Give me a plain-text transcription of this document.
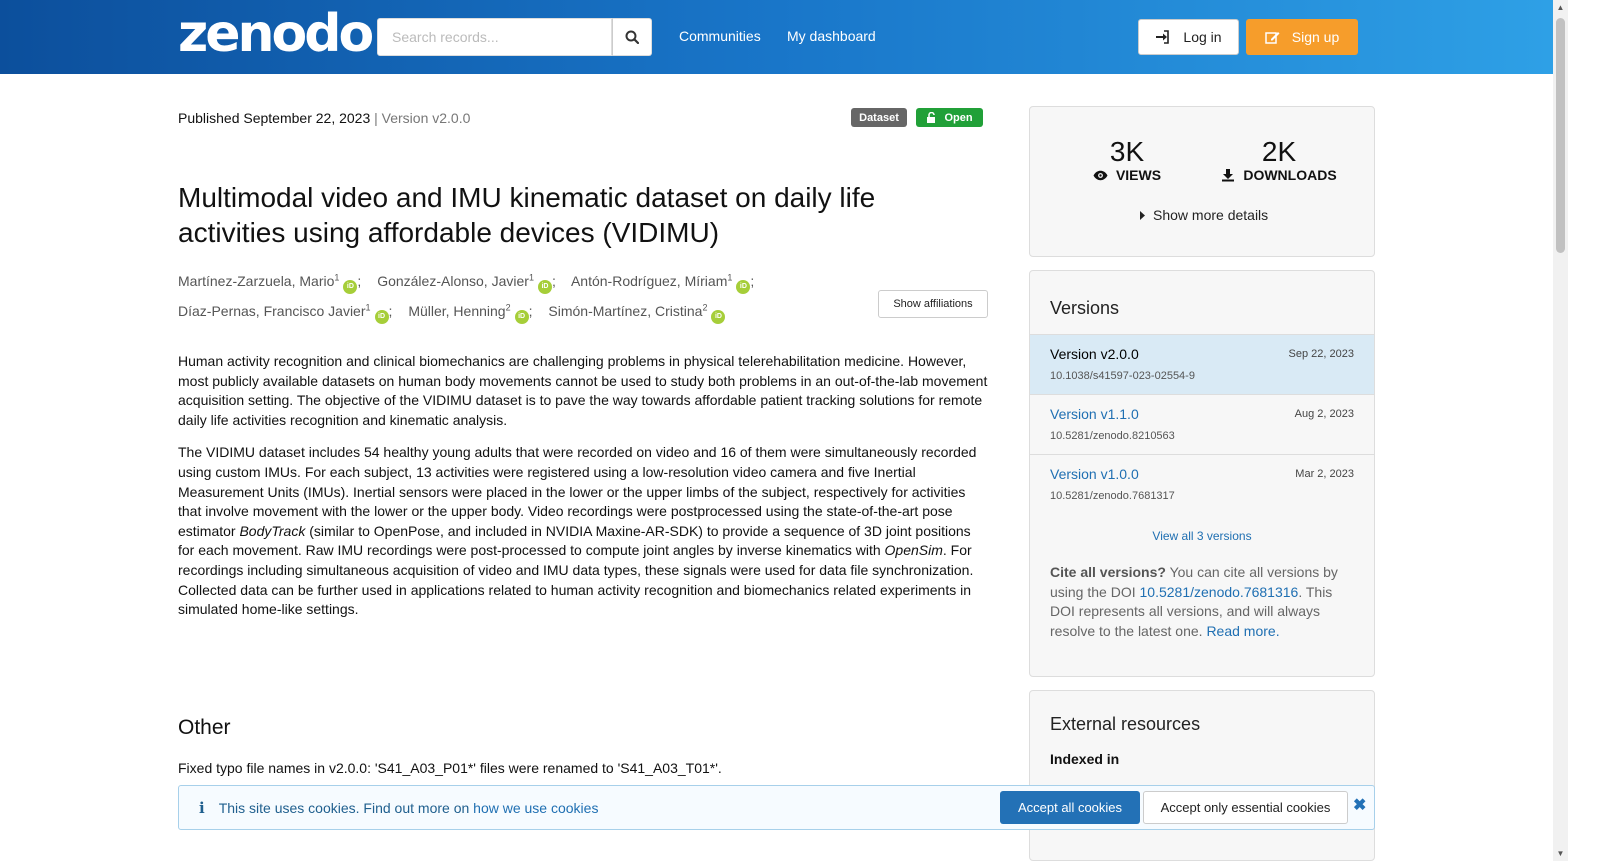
zenodo
Search records...	Communities My dashboard	Log in	Sign up
Published September 22, 2023 | Version v2.0.0	Dataset	Open
Multimodal video and IMU kinematic dataset on daily life activities using affordable devices (VIDIMU)
Martínez-Zarzuela, Mario$^1$iD ; González-Alonso, Javier$^1$iD ; Antón-Rodríguez, Míriam$^1$iD ;
Díaz-Pernas, Francisco Javier$^1$iD ; Müller, Henning$^2$iD ; Simón-Martínez, Cristina$^2$iD
Show affiliations

Human activity recognition and clinical biomechanics are challenging problems in physical telerehabilitation medicine. However, most publicly available datasets on human body movements cannot be used to study both problems in an out-of-the-lab movement acquisition setting. The objective of the VIDIMU dataset is to pave the way towards affordable patient tracking solutions for remote daily life activities recognition and kinematic analysis.

The VIDIMU dataset includes 54 healthy young adults that were recorded on video and 16 of them were simultaneously recorded using custom IMUs. For each subject, 13 activities were registered using a low-resolution video camera and five Inertial Measurement Units (IMUs). Inertial sensors were placed in the lower or the upper limbs of the subject, respectively for activities that involve movement with the lower or the upper body. Video recordings were postprocessed using the state-of-the-art pose estimator BodyTrack (similar to OpenPose, and included in NVIDIA Maxine-AR-SDK) to provide a sequence of 3D joint positions for each movement. Raw IMU recordings were post-processed to compute joint angles by inverse kinematics with OpenSim. For recordings including simultaneous acquisition of video and IMU data types, these signals were used for data file synchronization. Collected data can be further used in applications related to human activity recognition and biomechanics related experiments in simulated home-like settings.

Other
Fixed typo file names in v2.0.0: 'S41_A03_P01*' files were renamed to 'S41_A03_T01*'.
3K
VIEWS
2K
DOWNLOADS
Show more details
Versions
Version v2.0.0	Sep 22, 2023
10.1038/s41597-023-02554-9
Version v1.1.0	Aug 2, 2023
10.5281/zenodo.8210563
Version v1.0.0	Mar 2, 2023
10.5281/zenodo.7681317
View all 3 versions
Cite all versions? You can cite all versions by using the DOI 10.5281/zenodo.7681316. This DOI represents all versions, and will always resolve to the latest one. Read more.
External resources
Indexed in
i This site uses cookies. Find out more on how we use cookies	Accept all cookies	Accept only essential cookies	✖
▲
▼
